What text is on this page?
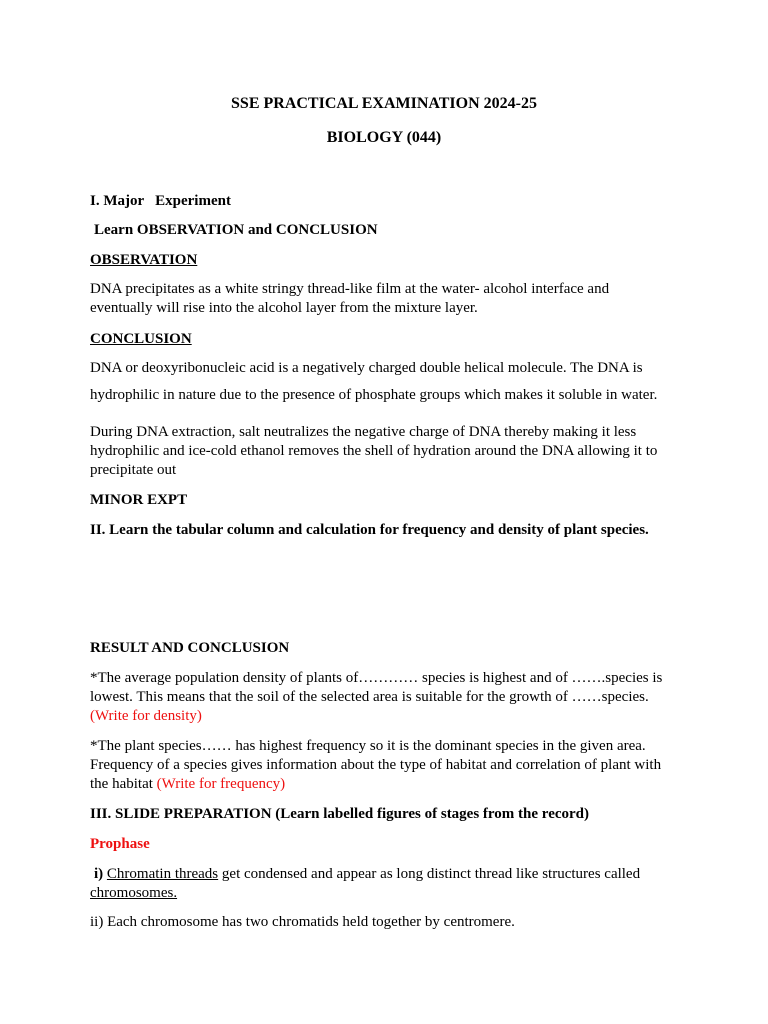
SSE PRACTICAL EXAMINATION 2024-25

BIOLOGY (044)

I. Major   Experiment

Learn OBSERVATION and CONCLUSION

OBSERVATION

DNA precipitates as a white stringy thread-like film at the water- alcohol interface and

eventually will rise into the alcohol layer from the mixture layer.

CONCLUSION

DNA or deoxyribonucleic acid is a negatively charged double helical molecule. The DNA is

hydrophilic in nature due to the presence of phosphate groups which makes it soluble in water.

During DNA extraction, salt neutralizes the negative charge of DNA thereby making it less

hydrophilic and ice-cold ethanol removes the shell of hydration around the DNA allowing it to

precipitate out

MINOR EXPT

II. Learn the tabular column and calculation for frequency and density of plant species.

RESULT AND CONCLUSION

*The average population density of plants of………… species is highest and of …….species is

lowest. This means that the soil of the selected area is suitable for the growth of ……species.

(Write for density)

*The plant species…… has highest frequency so it is the dominant species in the given area.

Frequency of a species gives information about the type of habitat and correlation of plant with

the habitat (Write for frequency)

III. SLIDE PREPARATION (Learn labelled figures of stages from the record)

Prophase

i) Chromatin threads get condensed and appear as long distinct thread like structures called

chromosomes.

ii) Each chromosome has two chromatids held together by centromere.
